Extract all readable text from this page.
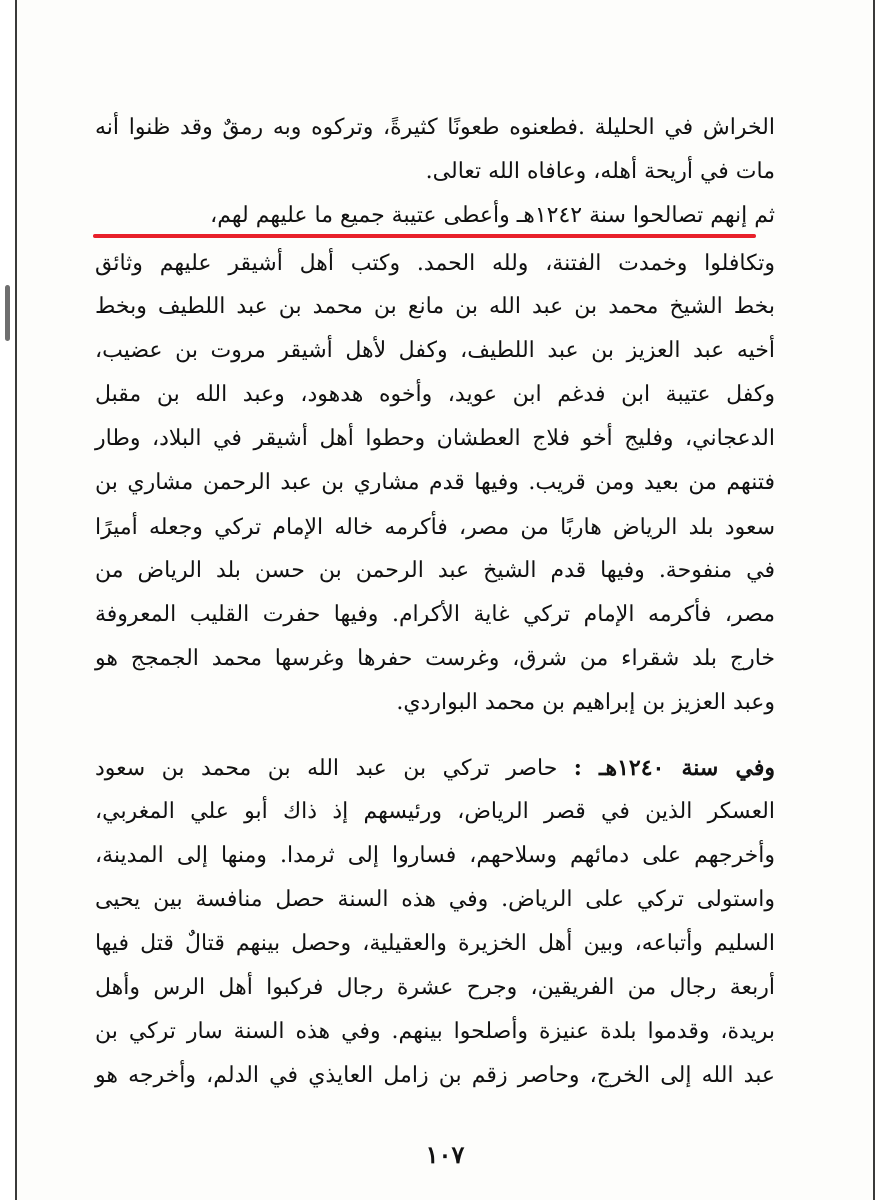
الخراش في الحليلة .فطعنوه طعونًا كثيرةً، وتركوه وبه رمقٌ وقد ظنوا أنه
مات في أريحة أهله، وعافاه الله تعالى.
ثم إنهم تصالحوا سنة ١٢٤٢هـ وأعطى عتيبة جميع ما عليهم لهم،
وتكافلوا وخمدت الفتنة، ولله الحمد. وكتب أهل أشيقر عليهم وثائق
بخط الشيخ محمد بن عبد الله بن مانع بن محمد بن عبد اللطيف وبخط
أخيه عبد العزيز بن عبد اللطيف، وكفل لأهل أشيقر مروت بن عضيب،
وكفل عتيبة ابن فدغم ابن عويد، وأخوه هدهود، وعبد الله بن مقبل
الدعجاني، وفليج أخو فلاج العطشان وحطوا أهل أشيقر في البلاد، وطار
فتنهم من بعيد ومن قريب. وفيها قدم مشاري بن عبد الرحمن مشاري بن
سعود بلد الرياض هاربًا من مصر، فأكرمه خاله الإمام تركي وجعله أميرًا
في منفوحة. وفيها قدم الشيخ عبد الرحمن بن حسن بلد الرياض من
مصر، فأكرمه الإمام تركي غاية الأكرام. وفيها حفرت القليب المعروفة
خارج بلد شقراء من شرق، وغرست حفرها وغرسها محمد الجمجج هو
وعبد العزيز بن إبراهيم بن محمد البواردي.
وفي سنة ١٢٤٠هـ : حاصر تركي بن عبد الله بن محمد بن سعود
العسكر الذين في قصر الرياض، ورئيسهم إذ ذاك أبو علي المغربي،
وأخرجهم على دمائهم وسلاحهم، فساروا إلى ثرمدا. ومنها إلى المدينة،
واستولى تركي على الرياض. وفي هذه السنة حصل منافسة بين يحيى
السليم وأتباعه، وبين أهل الخزيرة والعقيلية، وحصل بينهم قتالٌ قتل فيها
أربعة رجال من الفريقين، وجرح عشرة رجال فركبوا أهل الرس وأهل
بريدة، وقدموا بلدة عنيزة وأصلحوا بينهم. وفي هذه السنة سار تركي بن
عبد الله إلى الخرج، وحاصر زقم بن زامل العايذي في الدلم، وأخرجه هو
١٠٧
